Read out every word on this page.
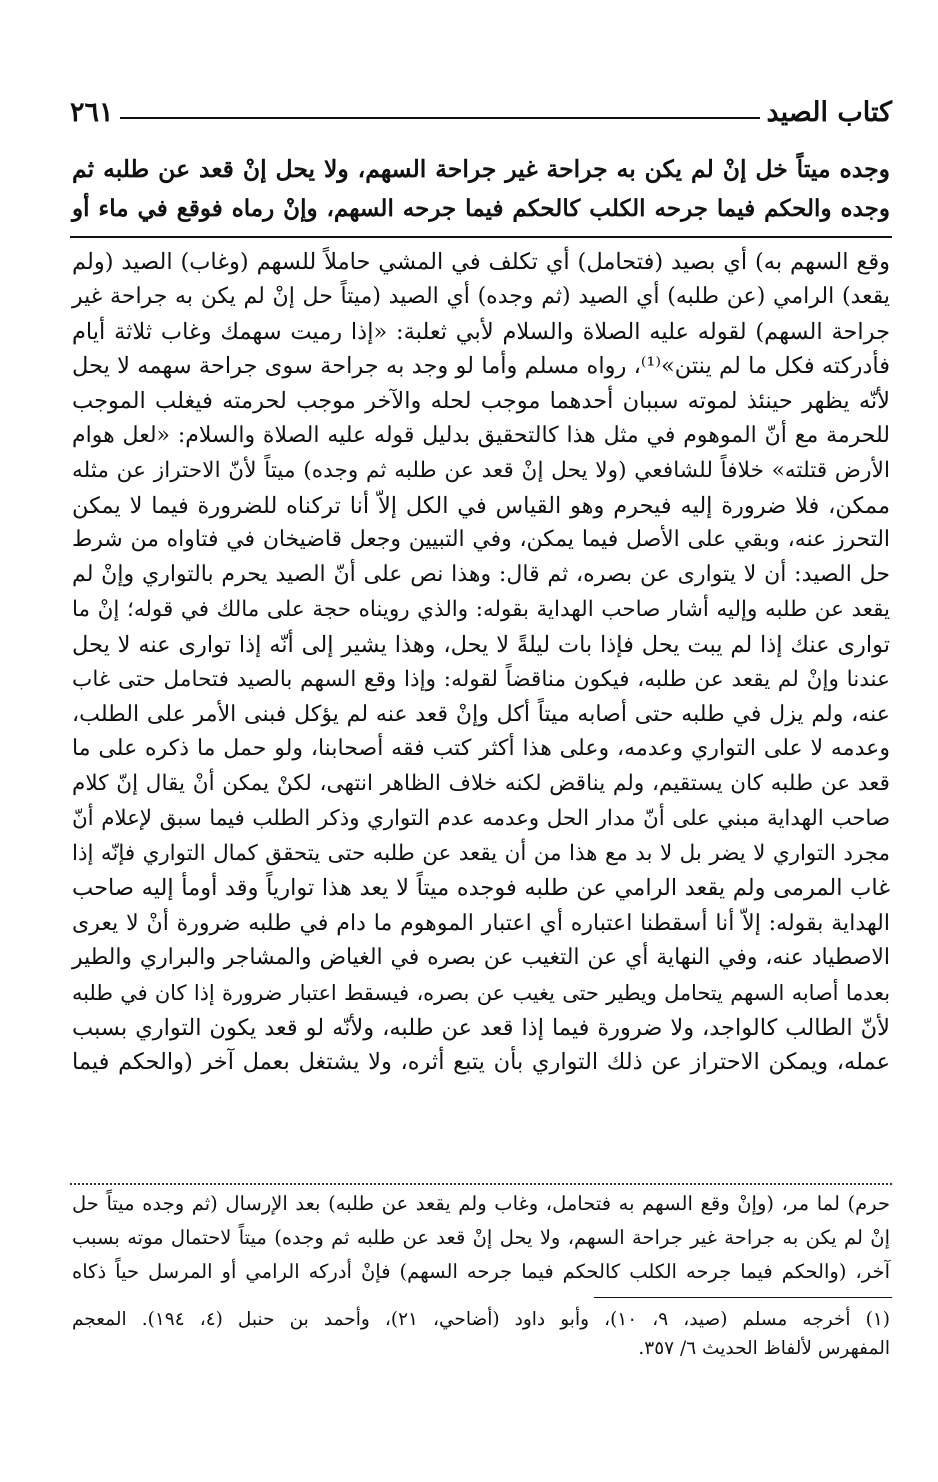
كتاب الصيد
٢٦١
وجده ميتاً خل إنْ لم يكن به جراحة غير جراحة السهم، ولا يحل إنْ قعد عن طلبه ثم
وجده والحكم فيما جرحه الكلب كالحكم فيما جرحه السهم، وإنْ رماه فوقع في ماء أو
وقع السهم به) أي بصيد (فتحامل) أي تكلف في المشي حاملاً للسهم (وغاب) الصيد (ولم
يقعد) الرامي (عن طلبه) أي الصيد (ثم وجده) أي الصيد (ميتاً حل إنْ لم يكن به جراحة غير
جراحة السهم) لقوله عليه الصلاة والسلام لأبي ثعلبة: «إذا رميت سهمك وغاب ثلاثة أيام
فأدركته فكل ما لم ينتن»⁽¹⁾، رواه مسلم وأما لو وجد به جراحة سوى جراحة سهمه لا يحل
لأنّه يظهر حينئذ لموته سببان أحدهما موجب لحله والآخر موجب لحرمته فيغلب الموجب
للحرمة مع أنّ الموهوم في مثل هذا كالتحقيق بدليل قوله عليه الصلاة والسلام: «لعل هوام
الأرض قتلته» خلافاً للشافعي (ولا يحل إنْ قعد عن طلبه ثم وجده) ميتاً لأنّ الاحتراز عن مثله
ممكن، فلا ضرورة إليه فيحرم وهو القياس في الكل إلاّ أنا تركناه للضرورة فيما لا يمكن
التحرز عنه، وبقي على الأصل فيما يمكن، وفي التبيين وجعل قاضيخان في فتاواه من شرط
حل الصيد: أن لا يتوارى عن بصره، ثم قال: وهذا نص على أنّ الصيد يحرم بالتواري وإنْ لم
يقعد عن طلبه وإليه أشار صاحب الهداية بقوله: والذي رويناه حجة على مالك في قوله؛ إنْ ما
توارى عنك إذا لم يبت يحل فإذا بات ليلةً لا يحل، وهذا يشير إلى أنّه إذا توارى عنه لا يحل
عندنا وإنْ لم يقعد عن طلبه، فيكون مناقضاً لقوله: وإذا وقع السهم بالصيد فتحامل حتى غاب
عنه، ولم يزل في طلبه حتى أصابه ميتاً أكل وإنْ قعد عنه لم يؤكل فبنى الأمر على الطلب،
وعدمه لا على التواري وعدمه، وعلى هذا أكثر كتب فقه أصحابنا، ولو حمل ما ذكره على ما
قعد عن طلبه كان يستقيم، ولم يناقض لكنه خلاف الظاهر انتهى، لكنْ يمكن أنْ يقال إنّ كلام
صاحب الهداية مبني على أنّ مدار الحل وعدمه عدم التواري وذكر الطلب فيما سبق لإعلام أنّ
مجرد التواري لا يضر بل لا بد مع هذا من أن يقعد عن طلبه حتى يتحقق كمال التواري فإنّه إذا
غاب المرمى ولم يقعد الرامي عن طلبه فوجده ميتاً لا يعد هذا توارياً وقد أومأ إليه صاحب
الهداية بقوله: إلاّ أنا أسقطنا اعتباره أي اعتبار الموهوم ما دام في طلبه ضرورة أنْ لا يعرى
الاصطياد عنه، وفي النهاية أي عن التغيب عن بصره في الغياض والمشاجر والبراري والطير
بعدما أصابه السهم يتحامل ويطير حتى يغيب عن بصره، فيسقط اعتبار ضرورة إذا كان في طلبه
لأنّ الطالب كالواجد، ولا ضرورة فيما إذا قعد عن طلبه، ولأنّه لو قعد يكون التواري بسبب
عمله، ويمكن الاحتراز عن ذلك التواري بأن يتبع أثره، ولا يشتغل بعمل آخر (والحكم فيما
حرم) لما مر، (وإنْ وقع السهم به فتحامل، وغاب ولم يقعد عن طلبه) بعد الإرسال (ثم وجده ميتاً حل
إنْ لم يكن به جراحة غير جراحة السهم، ولا يحل إنْ قعد عن طلبه ثم وجده) ميتاً لاحتمال موته بسبب
آخر، (والحكم فيما جرحه الكلب كالحكم فيما جرحه السهم) فإنْ أدركه الرامي أو المرسل حياً ذكاه
(١) أخرجه مسلم (صيد، ٩، ١٠)، وأبو داود (أضاحي، ٢١)، وأحمد بن حنبل (٤، ١٩٤). المعجم
المفهرس لألفاظ الحديث ٦/ ٣٥٧.
